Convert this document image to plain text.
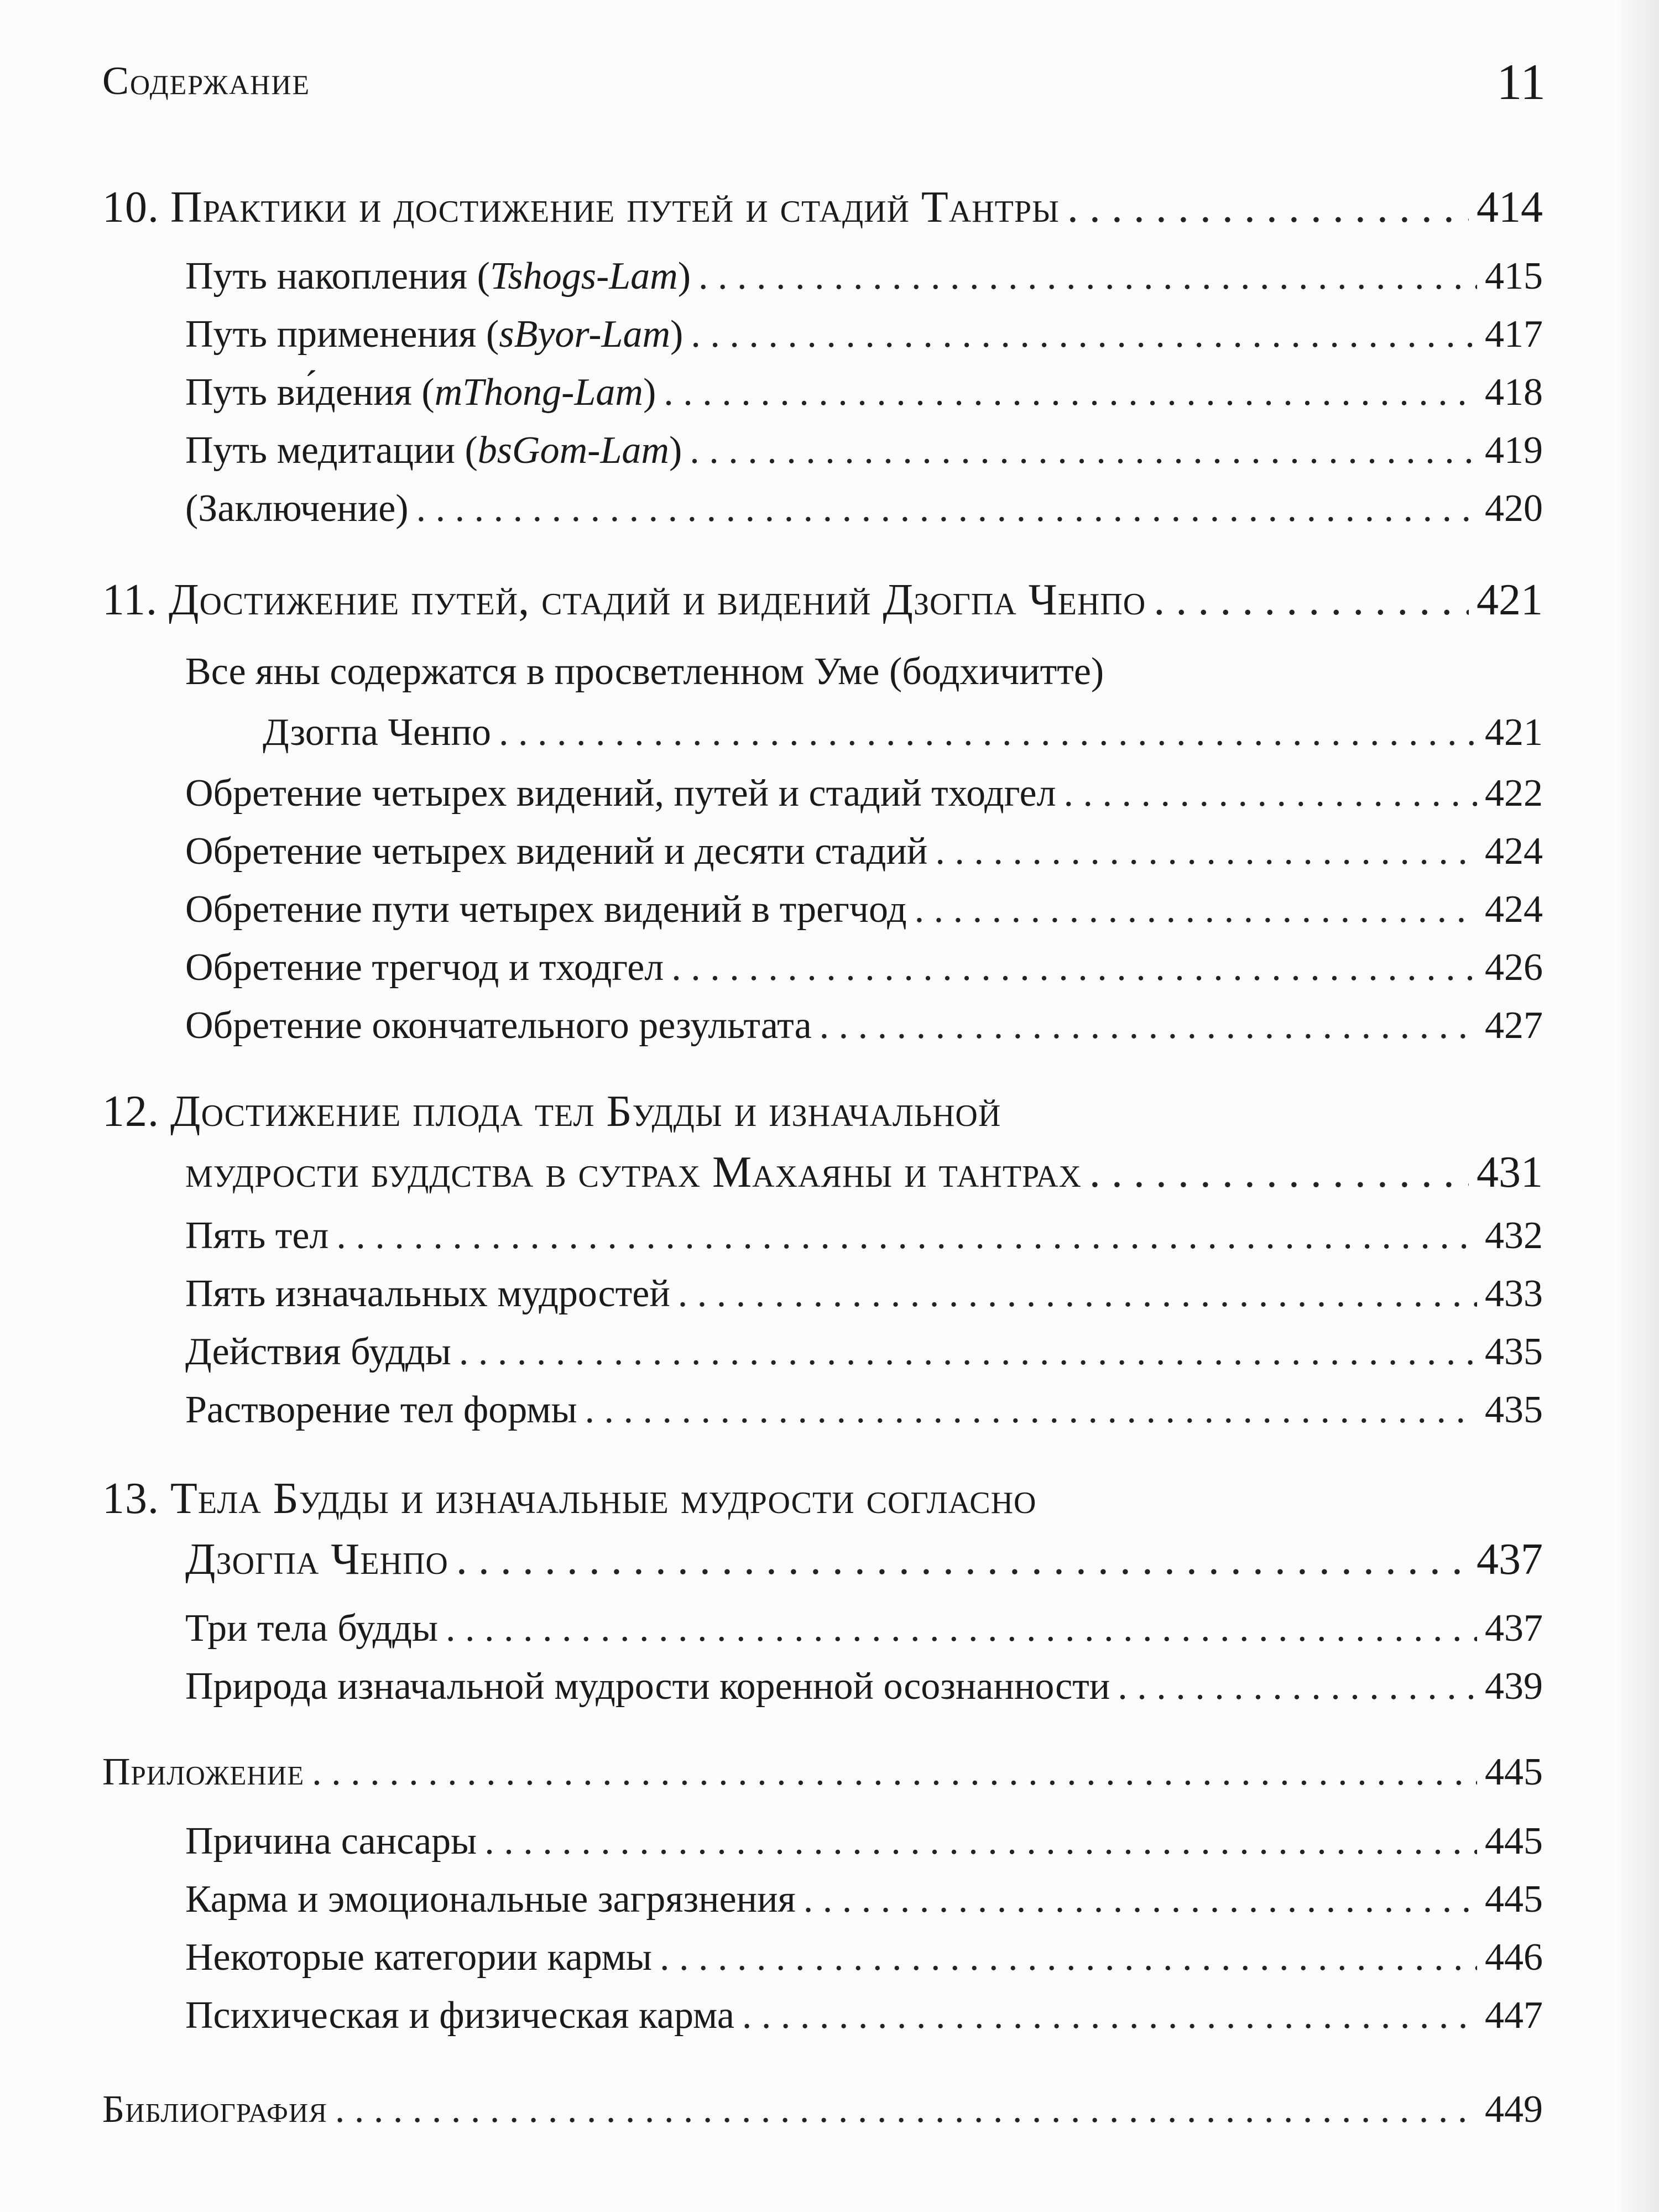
Содержание	11
10. Практики и достижение путей и стадий Тантры . . .	414
Путь накопления (Tshogs-Lam) . . .	415
Путь применения (sByor-Lam) . . .	417
Путь ви́дения (mThong-Lam) . . .	418
Путь медитации (bsGom-Lam) . . .	419
(Заключение) . . .	420
11. Достижение путей, стадий и видений Дзогпа Ченпо . . .	421
Все яны содержатся в просветленном Уме (бодхичитте)
Дзогпа Ченпо . . .	421
Обретение четырех видений, путей и стадий тходгел . . .	422
Обретение четырех видений и десяти стадий . . .	424
Обретение пути четырех видений в трегчод . . .	424
Обретение трегчод и тходгел . . .	426
Обретение окончательного результата . . .	427
12. Достижение плода тел Будды и изначальной
мудрости буддства в сутрах Махаяны и тантрах . . .	431
Пять тел . . .	432
Пять изначальных мудростей . . .	433
Действия будды . . .	435
Растворение тел формы . . .	435
13. Тела Будды и изначальные мудрости согласно
Дзогпа Ченпо . . .	437
Три тела будды . . .	437
Природа изначальной мудрости коренной осознанности . . .	439
Приложение . . .	445
Причина сансары . . .	445
Карма и эмоциональные загрязнения . . .	445
Некоторые категории кармы . . .	446
Психическая и физическая карма . . .	447
Библиография . . .	449
